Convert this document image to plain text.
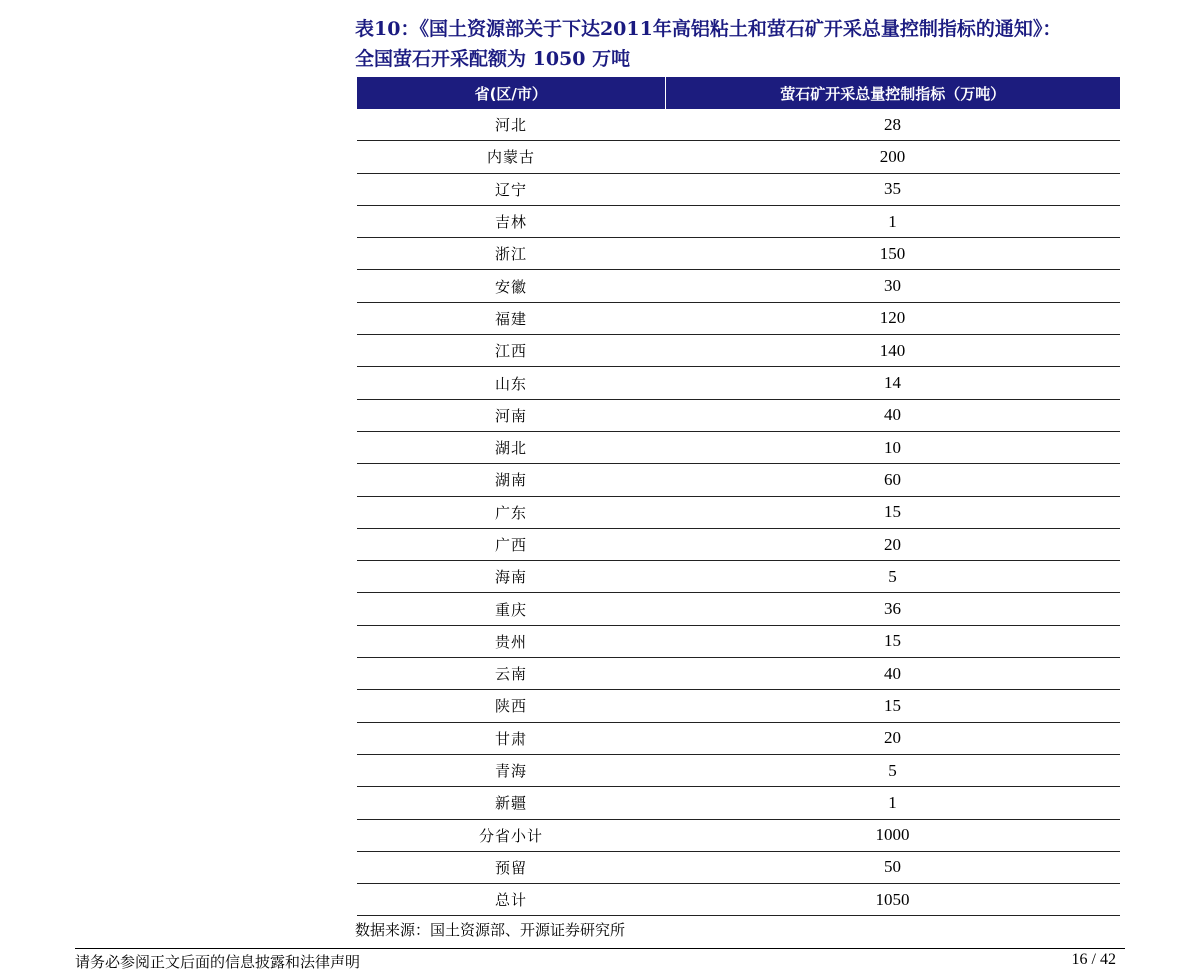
表10：《国土资源部关于下达2011年高铝粘土和萤石矿开采总量控制指标的通知》：
全国萤石开采配额为 1050 万吨
省(区/市）	萤石矿开采总量控制指标（万吨）
河北	28
内蒙古	200
辽宁	35
吉林	1
浙江	150
安徽	30
福建	120
江西	140
山东	14
河南	40
湖北	10
湖南	60
广东	15
广西	20
海南	5
重庆	36
贵州	15
云南	40
陕西	15
甘肃	20
青海	5
新疆	1
分省小计	1000
预留	50
总计	1050
数据来源：国土资源部、开源证券研究所
请务必参阅正文后面的信息披露和法律声明	16 / 42
